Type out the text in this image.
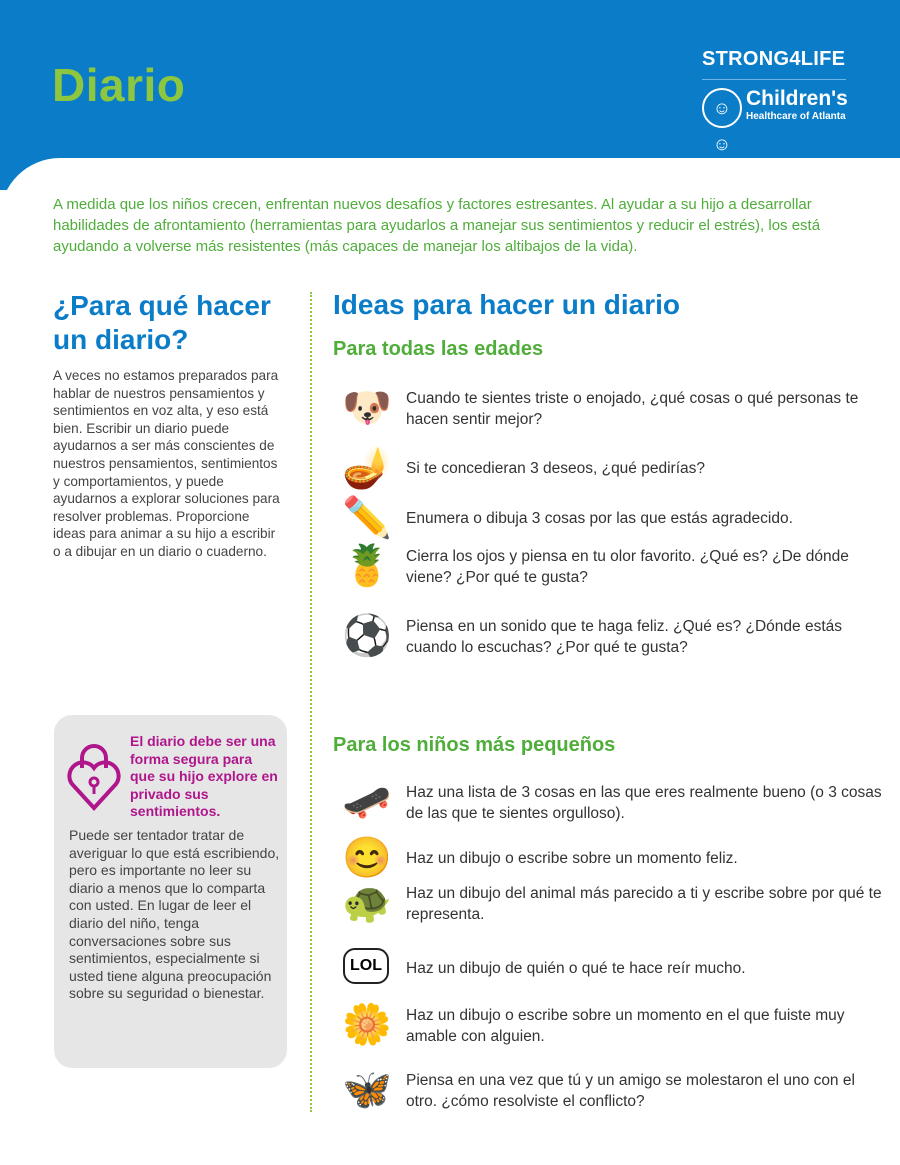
Diario	STRONG4LIFE
☺☺
Children's
Healthcare of Atlanta

A medida que los niños crecen, enfrentan nuevos desafíos y factores estresantes. Al ayudar a su hijo a desarrollar habilidades de afrontamiento (herramientas para ayudarlos a manejar sus sentimientos y reducir el estrés), los está ayudando a volverse más resistentes (más capaces de manejar los altibajos de la vida).

¿Para qué hacer un diario?

A veces no estamos preparados para hablar de nuestros pensamientos y sentimientos en voz alta, y eso está bien. Escribir un diario puede ayudarnos a ser más conscientes de nuestros pensamientos, sentimientos y comportamientos, y puede ayudarnos a explorar soluciones para resolver problemas. Proporcione ideas para animar a su hijo a escribir o a dibujar en un diario o cuaderno.

El diario debe ser una forma segura para que su hijo explore en privado sus sentimientos.

Puede ser tentador tratar de averiguar lo que está escribiendo, pero es importante no leer su diario a menos que lo comparta con usted. En lugar de leer el diario del niño, tenga conversaciones sobre sus sentimientos, especialmente si usted tiene alguna preocupación sobre su seguridad o bienestar.

Ideas para hacer un diario
Para todas las edades
🐶 Cuando te sientes triste o enojado, ¿qué cosas o qué personas te hacen sentir mejor?
🪔 Si te concedieran 3 deseos, ¿qué pedirías?
✏️ Enumera o dibuja 3 cosas por las que estás agradecido.
🍍 Cierra los ojos y piensa en tu olor favorito. ¿Qué es? ¿De dónde viene? ¿Por qué te gusta?
⚽ Piensa en un sonido que te haga feliz. ¿Qué es? ¿Dónde estás cuando lo escuchas? ¿Por qué te gusta?
Para los niños más pequeños
🛹 Haz una lista de 3 cosas en las que eres realmente bueno (o 3 cosas de las que te sientes orgulloso).
😊 Haz un dibujo o escribe sobre un momento feliz.
🐢 Haz un dibujo del animal más parecido a ti y escribe sobre por qué te representa.
LOL	Haz un dibujo de quién o qué te hace reír mucho.
🌼 Haz un dibujo o escribe sobre un momento en el que fuiste muy amable con alguien.
🦋 Piensa en una vez que tú y un amigo se molestaron el uno con el otro. ¿cómo resolviste el conflicto?
